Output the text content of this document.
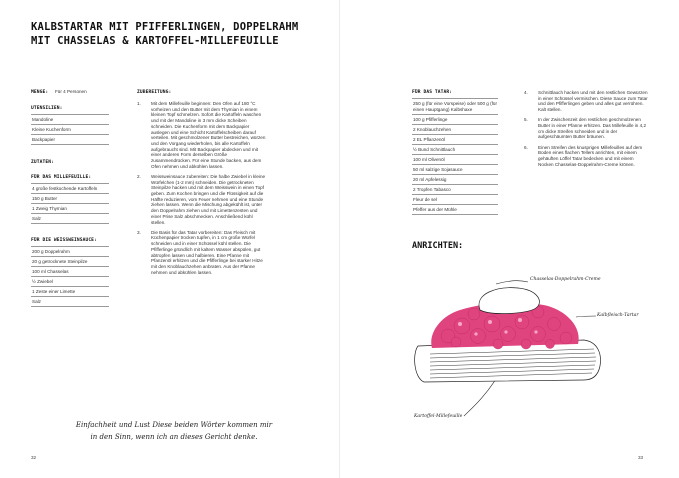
KALBSTARTAR MIT PFIFFERLINGEN, DOPPELRAHM
MIT CHASSELAS & KARTOFFEL-MILLEFEUILLE
MENGE: Für 4 Personen
UTENSILIEN:
Mandoline
Kleine Kuchenform
Backpapier
ZUTATEN:
FÜR DAS MILLEFEUILLE:
4 große festkochende Kartoffeln
150 g Butter
1 Zweig Thymian
Salz
FÜR DIE WEISSWEINSAUCE:
200 g Doppelrahm
20 g getrocknete Steinpilze
100 ml Chasselas
½ Zwiebel
1 Zeste einer Limette
Salz
ZUBEREITUNG:
1.	Mit dem Millefeuille beginnen: Den Ofen auf 180 °C vorheizen und den Butter mit dem Thymian in einem kleinen Topf schmelzen. Sofort die Kartoffeln waschen und mit der Mandoline in 3 mm dicke Scheiben schneiden. Die Kuchenform mit dem Backpapier auslegen und eine Schicht Kartoffelscheiben darauf verteilen. Mit geschmolzener Butter bestreichen, würzen und den Vorgang wiederholen, bis alle Kartoffeln aufgebraucht sind. Mit Backpapier abdecken und mit einer anderen Form derselben Größe zusammendrücken. Für eine Stunde backen, aus dem Ofen nehmen und abkühlen lassen.
2.	Weissweinsauce zubereiten: Die halbe Zwiebel in kleine Würfelchen (1-2 mm) schneiden. Die getrockneten Steinpilze hacken und mit dem Weisswein in einen Topf geben. Zum Kochen bringen und die Flüssigkeit auf die Hälfte reduzieren, vom Feuer nehmen und eine Stunde ziehen lassen. Wenn die Mischung abgekühlt ist, unter den Doppelrahm ziehen und mit Limettenzesten und einer Prise Salz abschmecken. Anschließend kühl stellen.
3.	Die Basis für das Tatar vorbereiten: Das Fleisch mit Küchenpapier trocken tupfen, in 1 cm große Würfel schneiden und in einer Schüssel kühl stellen. Die Pfifferlinge gründlich mit kaltem Wasser abspülen, gut abtropfen lassen und halbieren. Eine Pfanne mit Pfanzenöl erhitzen und die Pfifferlinge bei starker Hitze mit den Knoblauchzehen anbraten. Aus der Pfanne nehmen und abkühlen lassen.
Einfachheit und Lust Diese beiden Wörter kommen mir
in den Sinn, wenn ich an dieses Gericht denke.
32	33
FÜR DAS TATAR:
250 g (für eine Vorspeise) oder 500 g (für einen Hauptgang) Kalbshaxe
100 g Pfifferlinge
2 Knoblauchzehen
2 EL Pflanzenöl
½ Bund Schnittlauch
100 ml Olivenöl
50 ml salzige Sojasauce
20 ml Apfelessig
2 Tropfen Tabasco
Fleur de sel
Pfeffer aus der Mühle
4.	Schnittlauch hacken und mit den restlichen Gewürzen in einer Schüssel vermischen. Diese Sauce zum Tatar und den Pfifferlingen geben und alles gut verrühren. Kalt stellen.
5.	In der Zwischenzeit den restlichen geschmolzenen Butter in einer Pfanne erhitzen. Das Millefeuille in 4,2 cm dicke Streifen schneiden und in der aufgeschäumten Butter bräunen.
6.	Einen Streifen des knusprigen Millefeuilles auf dem Boden eines flachen Tellers anrichten, mit einem gehäuften Löffel Tatar bedecken und mit einem Nocken Chasselas-Doppelrahm-Creme krönen.
ANRICHTEN:
Chasselas-Doppelrahm-Creme
Kalbfleisch-Tartar
Kartoffel-Millefeuille
